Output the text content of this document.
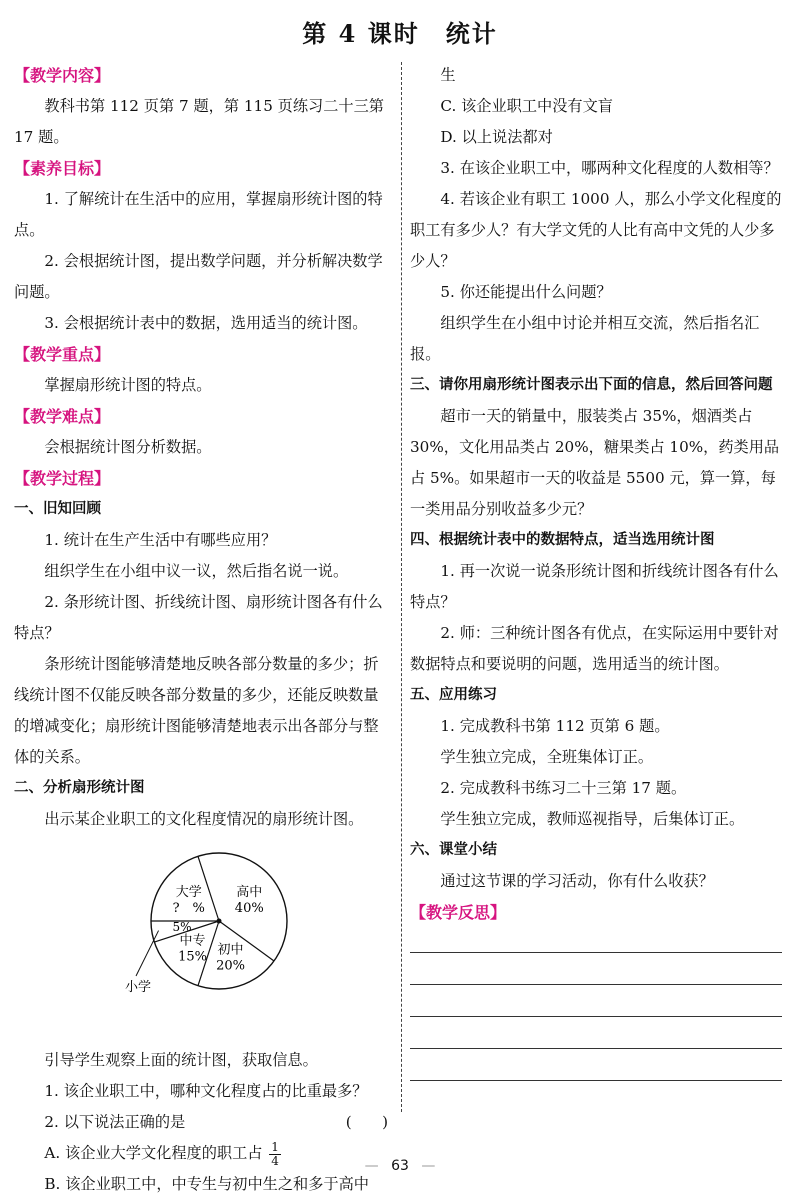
第 4 课时　统计
【教学内容】
教科书第 112 页第 7 题，第 115 页练习二十三第 17 题。
【素养目标】
1. 了解统计在生活中的应用，掌握扇形统计图的特点。
2. 会根据统计图，提出数学问题，并分析解决数学问题。
3. 会根据统计表中的数据，选用适当的统计图。
【教学重点】
掌握扇形统计图的特点。
【教学难点】
会根据统计图分析数据。
【教学过程】
一、旧知回顾
1. 统计在生产生活中有哪些应用？
组织学生在小组中议一议，然后指名说一说。
2. 条形统计图、折线统计图、扇形统计图各有什么特点？
条形统计图能够清楚地反映各部分数量的多少；折线统计图不仅能反映各部分数量的多少，还能反映数量的增减变化；扇形统计图能够清楚地表示出各部分与整体的关系。
二、分析扇形统计图
出示某企业职工的文化程度情况的扇形统计图。
高中
40%
初中
20%
中专
15%
5%
小学
大学
?　%
引导学生观察上面的统计图，获取信息。
1. 该企业职工中，哪种文化程度占的比重最多？
2. 以下说法正确的是	(　　)
A. 该企业大学文化程度的职工占 $\frac{1}{4}$
B. 该企业职工中，中专生与初中生之和多于高中
生
C. 该企业职工中没有文盲
D. 以上说法都对
3. 在该企业职工中，哪两种文化程度的人数相等？
4. 若该企业有职工 1000 人，那么小学文化程度的职工有多少人？有大学文凭的人比有高中文凭的人少多少人？
5. 你还能提出什么问题？
组织学生在小组中讨论并相互交流，然后指名汇报。
三、请你用扇形统计图表示出下面的信息，然后回答问题
超市一天的销量中，服装类占 35%，烟酒类占 30%，文化用品类占 20%，糖果类占 10%，药类用品占 5%。如果超市一天的收益是 5500 元，算一算，每一类用品分别收益多少元？
四、根据统计表中的数据特点，适当选用统计图
1. 再一次说一说条形统计图和折线统计图各有什么特点？
2. 师：三种统计图各有优点，在实际运用中要针对数据特点和要说明的问题，选用适当的统计图。
五、应用练习
1. 完成教科书第 112 页第 6 题。
学生独立完成，全班集体订正。
2. 完成教科书练习二十三第 17 题。
学生独立完成，教师巡视指导，后集体订正。
六、课堂小结
通过这节课的学习活动，你有什么收获？
【教学反思】
— 63 —
